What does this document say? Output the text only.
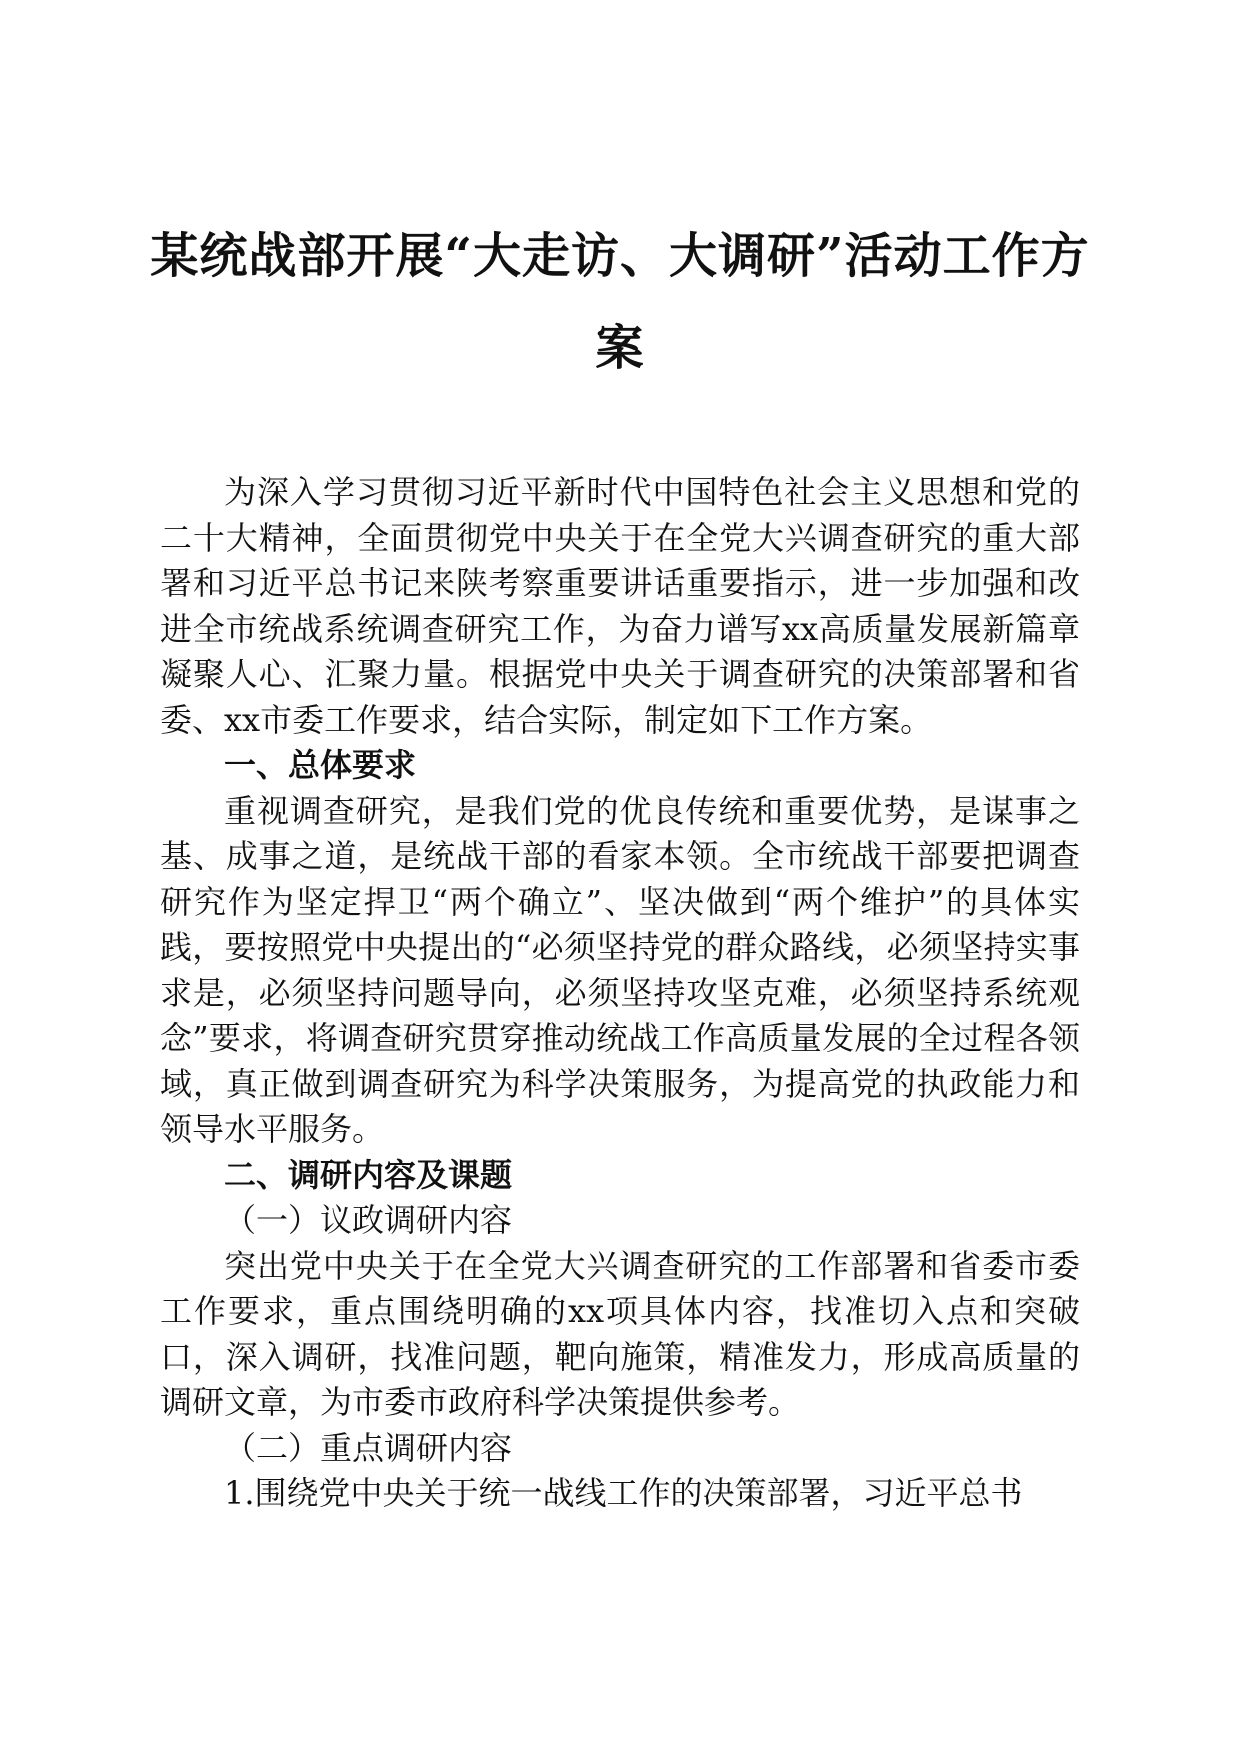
某统战部开展“大走访、大调研”活动工作方
案

为深入学习贯彻习近平新时代中国特色社会主义思想和党的二十大精神，全面贯彻党中央关于在全党大兴调查研究的重大部署和习近平总书记来陕考察重要讲话重要指示，进一步加强和改进全市统战系统调查研究工作，为奋力谱写xx高质量发展新篇章凝聚人心、汇聚力量。根据党中央关于调查研究的决策部署和省委、xx市委工作要求，结合实际，制定如下工作方案。

一、总体要求

重视调查研究，是我们党的优良传统和重要优势，是谋事之基、成事之道，是统战干部的看家本领。全市统战干部要把调查研究作为坚定捍卫“两个确立”、坚决做到“两个维护”的具体实践，要按照党中央提出的“必须坚持党的群众路线，必须坚持实事求是，必须坚持问题导向，必须坚持攻坚克难，必须坚持系统观念”要求，将调查研究贯穿推动统战工作高质量发展的全过程各领域，真正做到调查研究为科学决策服务，为提高党的执政能力和领导水平服务。

二、调研内容及课题
（一）议政调研内容

突出党中央关于在全党大兴调查研究的工作部署和省委市委工作要求，重点围绕明确的xx项具体内容，找准切入点和突破口，深入调研，找准问题，靶向施策，精准发力，形成高质量的调研文章，为市委市政府科学决策提供参考。

（二）重点调研内容

1.围绕党中央关于统一战线工作的决策部署，习近平总书
